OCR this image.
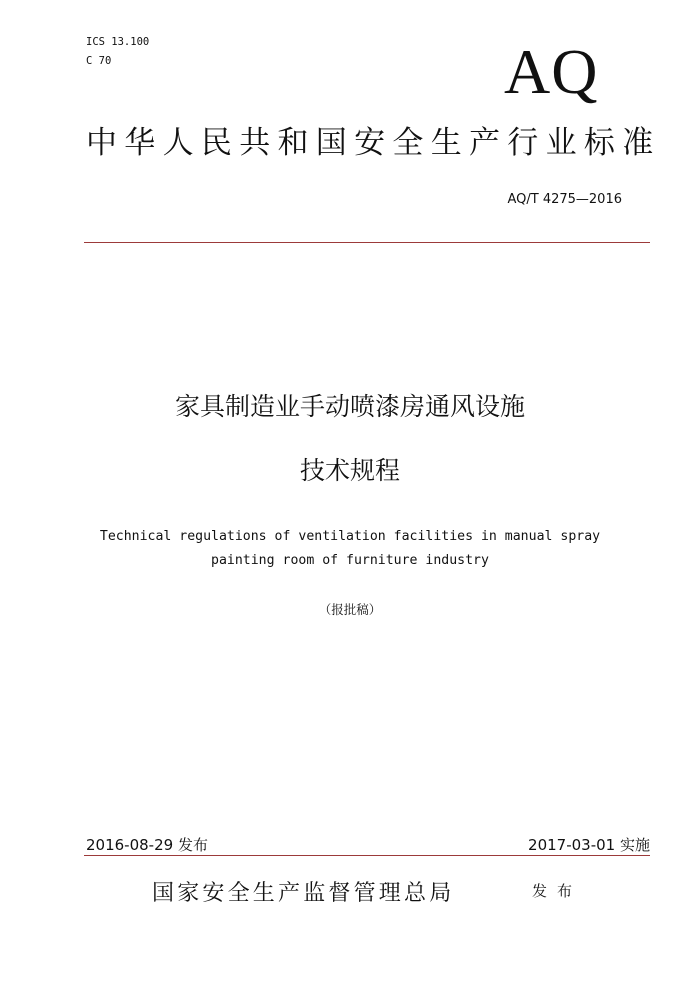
ICS 13.100
C 70	AQ
中华人民共和国安全生产行业标准
AQ/T 4275—2016
家具制造业手动喷漆房通风设施
技术规程
Technical regulations of ventilation facilities in manual spray
painting room of furniture industry
（报批稿）
2016-08-29 发布	2017-03-01 实施
国家安全生产监督管理总局	发布
